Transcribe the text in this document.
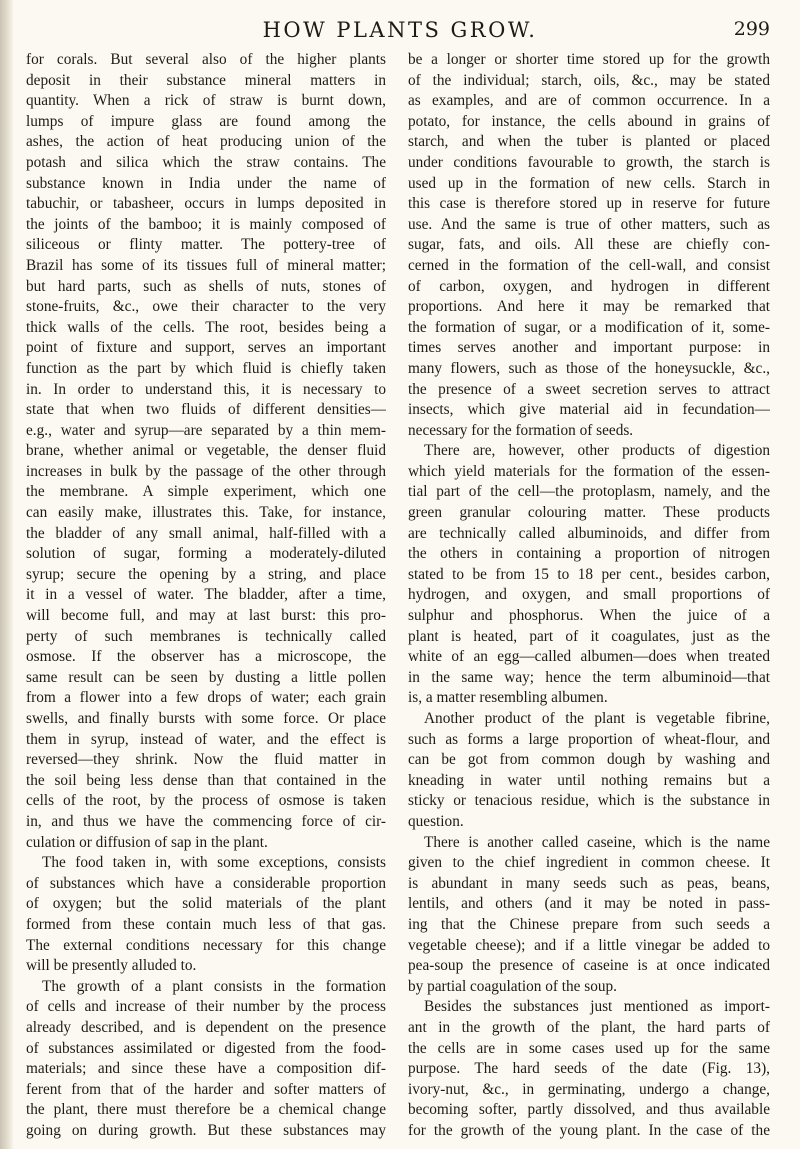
HOW PLANTS GROW.	299
for corals. But several also of the higher plants
deposit in their substance mineral matters in
quantity. When a rick of straw is burnt down,
lumps of impure glass are found among the
ashes, the action of heat producing union of the
potash and silica which the straw contains. The
substance known in India under the name of
tabuchir, or tabasheer, occurs in lumps deposited in
the joints of the bamboo; it is mainly composed of
siliceous or flinty matter. The pottery-tree of
Brazil has some of its tissues full of mineral matter;
but hard parts, such as shells of nuts, stones of
stone-fruits, &c., owe their character to the very
thick walls of the cells. The root, besides being a
point of fixture and support, serves an important
function as the part by which fluid is chiefly taken
in. In order to understand this, it is necessary to
state that when two fluids of different densities—
e.g., water and syrup—are separated by a thin mem-
brane, whether animal or vegetable, the denser fluid
increases in bulk by the passage of the other through
the membrane. A simple experiment, which one
can easily make, illustrates this. Take, for instance,
the bladder of any small animal, half-filled with a
solution of sugar, forming a moderately-diluted
syrup; secure the opening by a string, and place
it in a vessel of water. The bladder, after a time,
will become full, and may at last burst: this pro-
perty of such membranes is technically called
osmose. If the observer has a microscope, the
same result can be seen by dusting a little pollen
from a flower into a few drops of water; each grain
swells, and finally bursts with some force. Or place
them in syrup, instead of water, and the effect is
reversed—they shrink. Now the fluid matter in
the soil being less dense than that contained in the
cells of the root, by the process of osmose is taken
in, and thus we have the commencing force of cir-
culation or diffusion of sap in the plant.
The food taken in, with some exceptions, consists
of substances which have a considerable proportion
of oxygen; but the solid materials of the plant
formed from these contain much less of that gas.
The external conditions necessary for this change
will be presently alluded to.
The growth of a plant consists in the formation
of cells and increase of their number by the process
already described, and is dependent on the presence
of substances assimilated or digested from the food-
materials; and since these have a composition dif-
ferent from that of the harder and softer matters of
the plant, there must therefore be a chemical change
going on during growth. But these substances may
be a longer or shorter time stored up for the growth
of the individual; starch, oils, &c., may be stated
as examples, and are of common occurrence. In a
potato, for instance, the cells abound in grains of
starch, and when the tuber is planted or placed
under conditions favourable to growth, the starch is
used up in the formation of new cells. Starch in
this case is therefore stored up in reserve for future
use. And the same is true of other matters, such as
sugar, fats, and oils. All these are chiefly con-
cerned in the formation of the cell-wall, and consist
of carbon, oxygen, and hydrogen in different
proportions. And here it may be remarked that
the formation of sugar, or a modification of it, some-
times serves another and important purpose: in
many flowers, such as those of the honeysuckle, &c.,
the presence of a sweet secretion serves to attract
insects, which give material aid in fecundation—
necessary for the formation of seeds.
There are, however, other products of digestion
which yield materials for the formation of the essen-
tial part of the cell—the protoplasm, namely, and the
green granular colouring matter. These products
are technically called albuminoids, and differ from
the others in containing a proportion of nitrogen
stated to be from 15 to 18 per cent., besides carbon,
hydrogen, and oxygen, and small proportions of
sulphur and phosphorus. When the juice of a
plant is heated, part of it coagulates, just as the
white of an egg—called albumen—does when treated
in the same way; hence the term albuminoid—that
is, a matter resembling albumen.
Another product of the plant is vegetable fibrine,
such as forms a large proportion of wheat-flour, and
can be got from common dough by washing and
kneading in water until nothing remains but a
sticky or tenacious residue, which is the substance in
question.
There is another called caseine, which is the name
given to the chief ingredient in common cheese. It
is abundant in many seeds such as peas, beans,
lentils, and others (and it may be noted in pass-
ing that the Chinese prepare from such seeds a
vegetable cheese); and if a little vinegar be added to
pea-soup the presence of caseine is at once indicated
by partial coagulation of the soup.
Besides the substances just mentioned as import-
ant in the growth of the plant, the hard parts of
the cells are in some cases used up for the same
purpose. The hard seeds of the date (Fig. 13),
ivory-nut, &c., in germinating, undergo a change,
becoming softer, partly dissolved, and thus available
for the growth of the young plant. In the case of the
